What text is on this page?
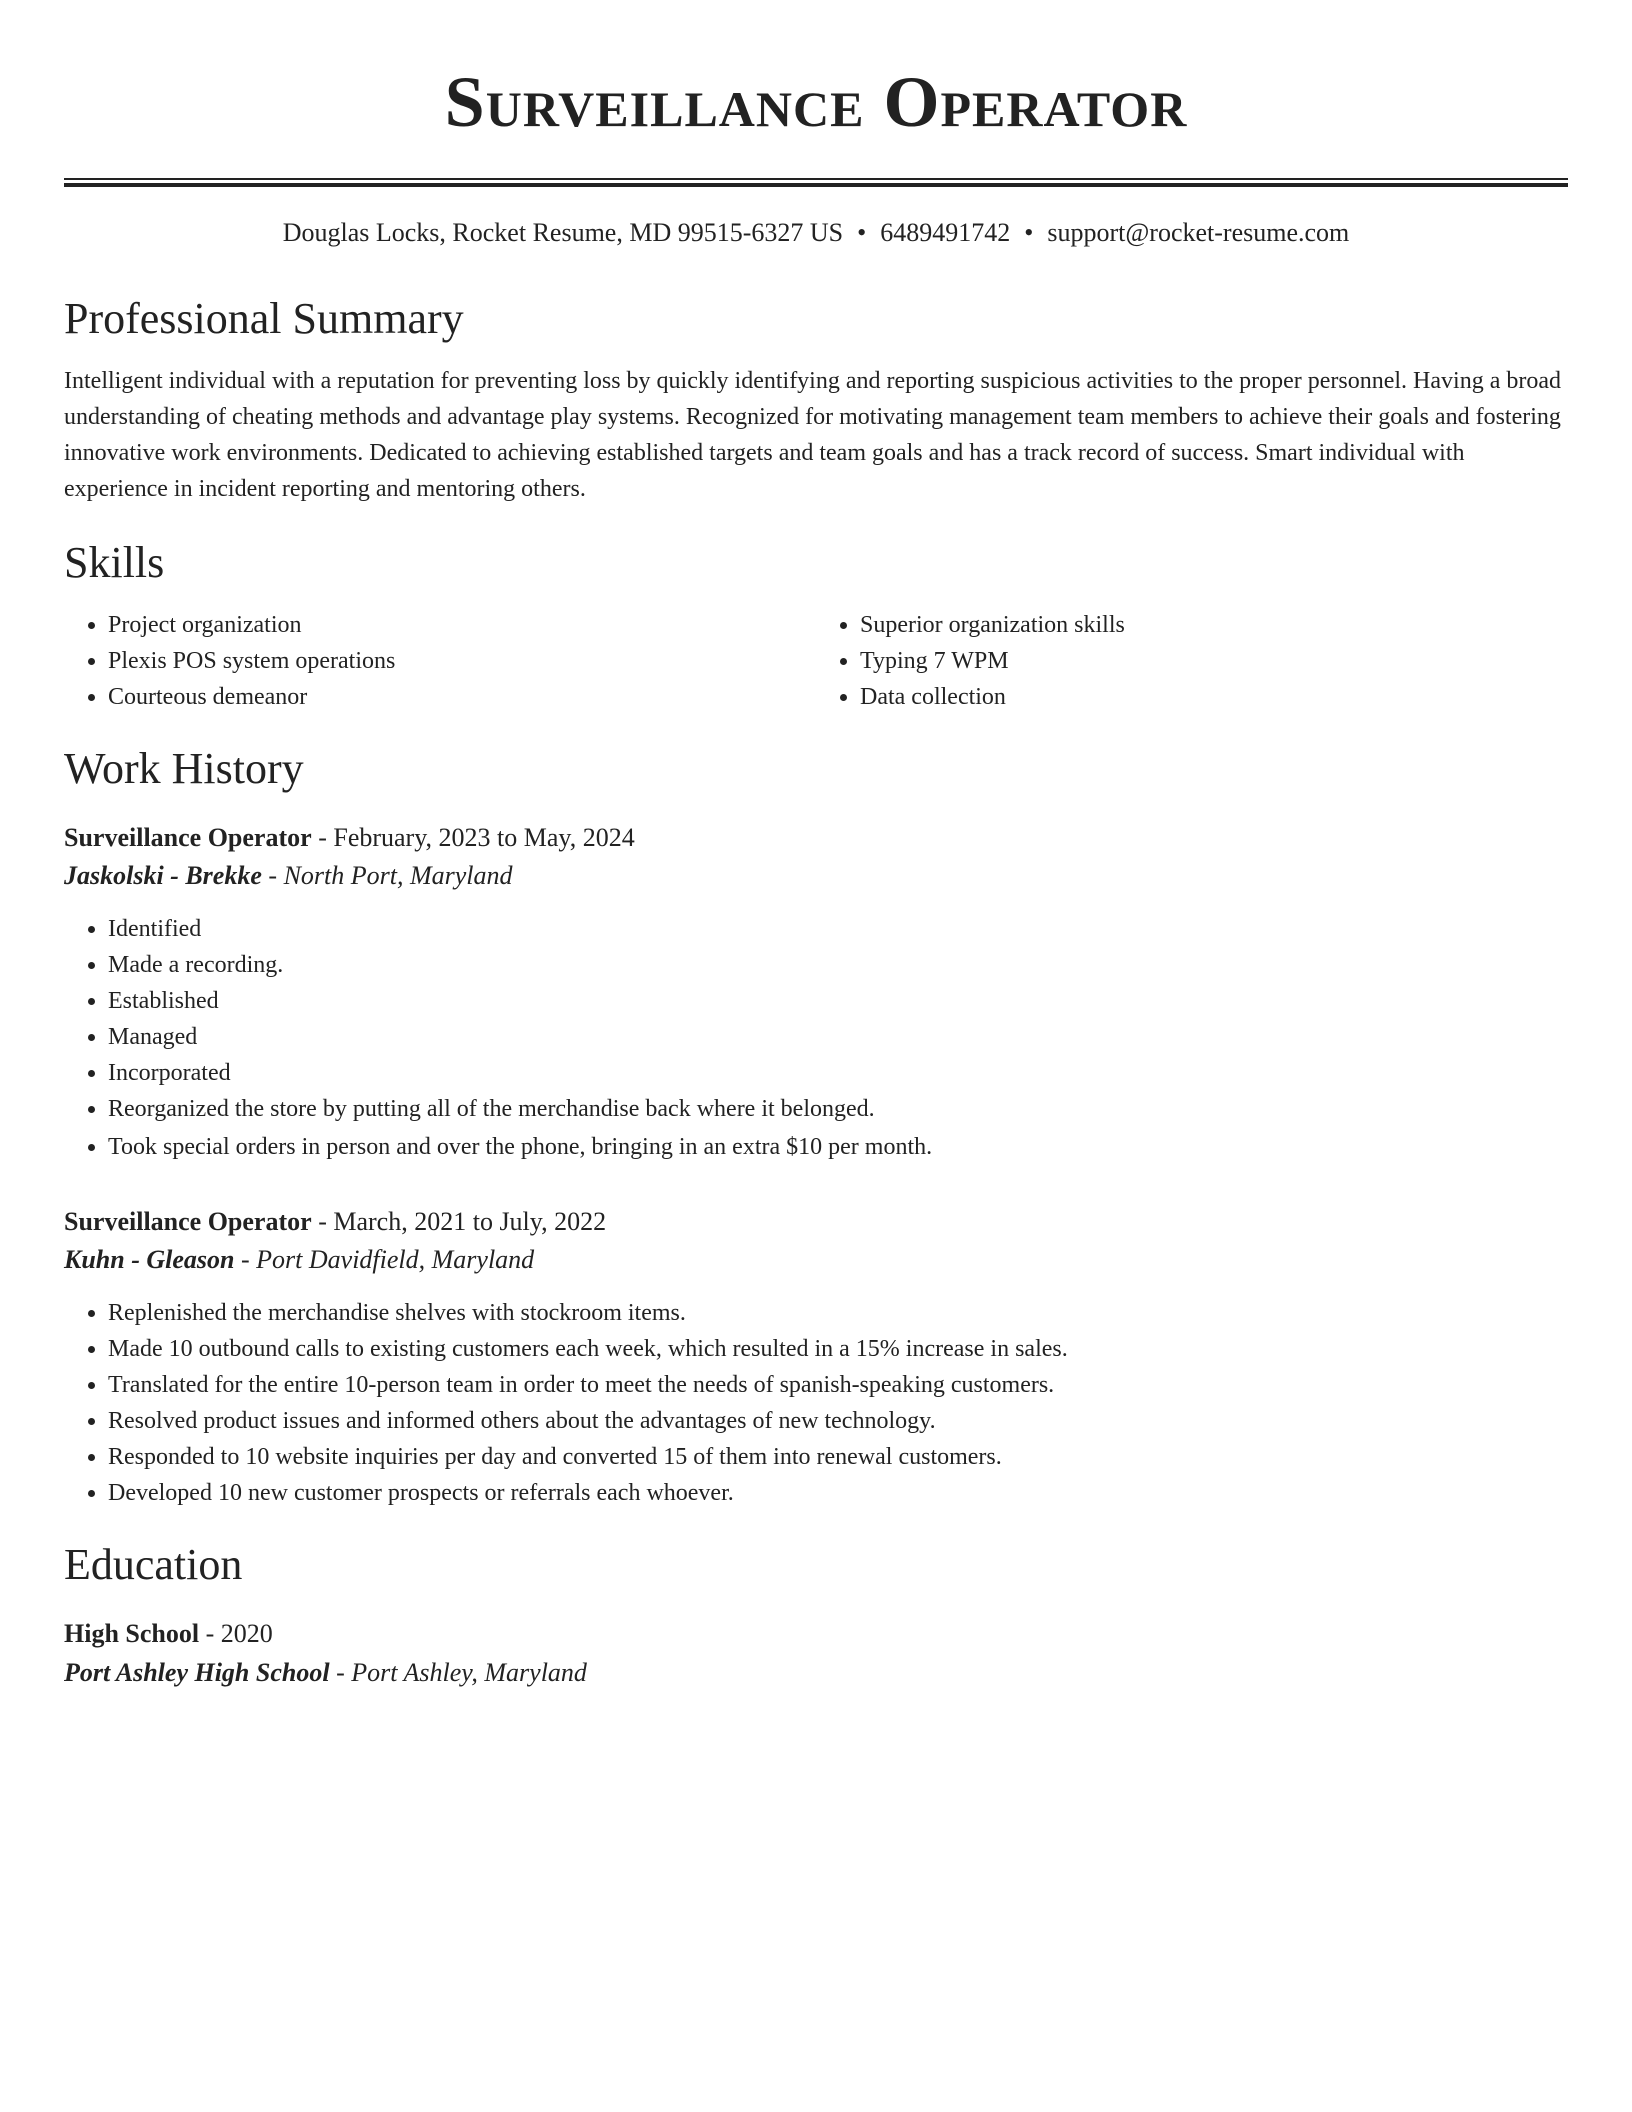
Surveillance Operator
Douglas Locks, Rocket Resume, MD 99515-6327 US • 6489491742 • support@rocket-resume.com
Professional Summary

Intelligent individual with a reputation for preventing loss by quickly identifying and reporting suspicious activities to the proper personnel. Having a broad understanding of cheating methods and advantage play systems. Recognized for motivating management team members to achieve their goals and fostering innovative work environments. Dedicated to achieving established targets and team goals and has a track record of success. Smart individual with experience in incident reporting and mentoring others.

Skills
• Project organization
• Plexis POS system operations
• Courteous demeanor
• Superior organization skills
• Typing 7 WPM
• Data collection
Work History
Surveillance Operator - February, 2023 to May, 2024
Jaskolski - Brekke - North Port, Maryland
• Identified
• Made a recording.
• Established
• Managed
• Incorporated
• Reorganized the store by putting all of the merchandise back where it belonged.
• Took special orders in person and over the phone, bringing in an extra $10 per month.
Surveillance Operator - March, 2021 to July, 2022
Kuhn - Gleason - Port Davidfield, Maryland
• Replenished the merchandise shelves with stockroom items.
• Made 10 outbound calls to existing customers each week, which resulted in a 15% increase in sales.
• Translated for the entire 10-person team in order to meet the needs of spanish-speaking customers.
• Resolved product issues and informed others about the advantages of new technology.
• Responded to 10 website inquiries per day and converted 15 of them into renewal customers.
• Developed 10 new customer prospects or referrals each whoever.
Education
High School - 2020
Port Ashley High School - Port Ashley, Maryland
